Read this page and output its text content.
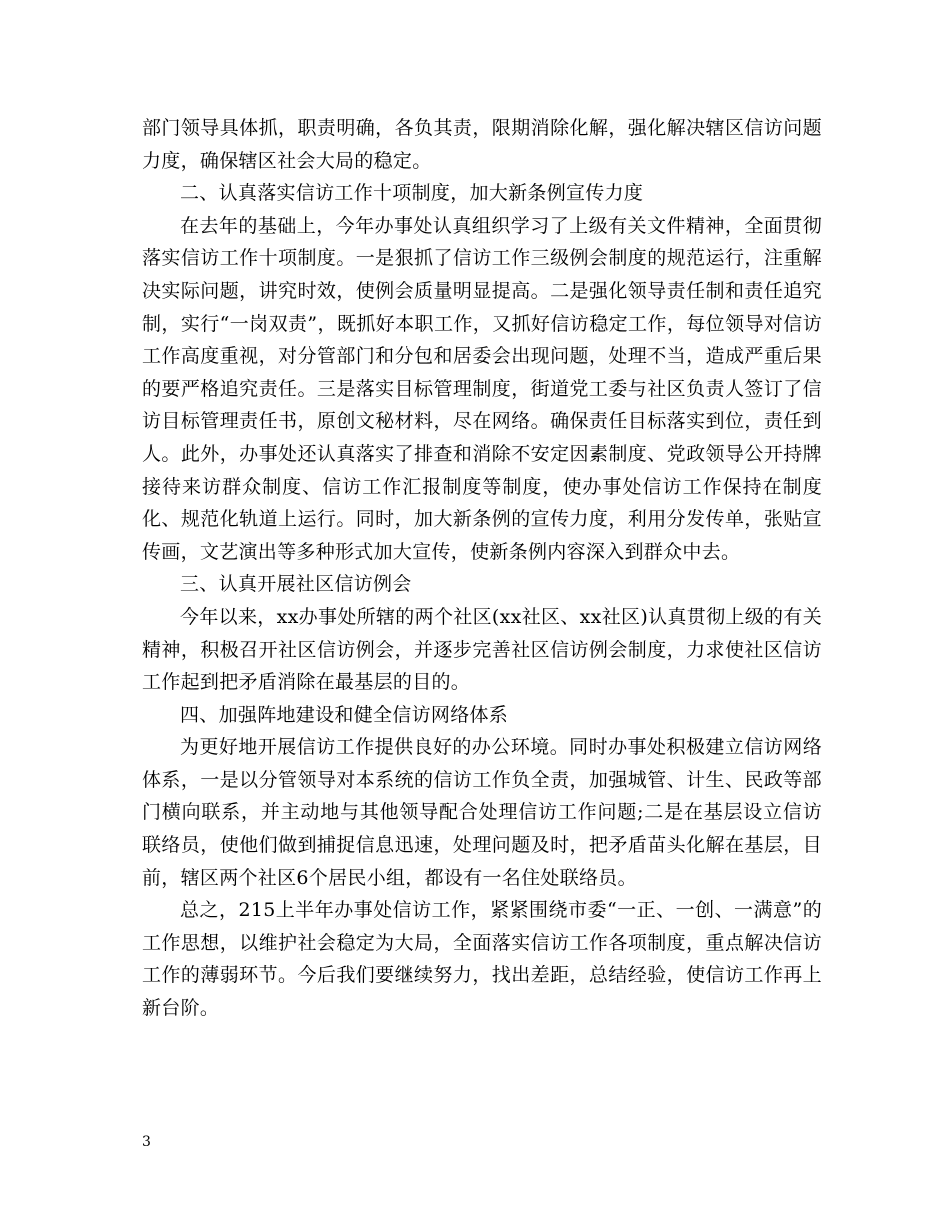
部门领导具体抓，职责明确，各负其责，限期消除化解，强化解决辖区信访问题力度，确保辖区社会大局的稳定。

二、认真落实信访工作十项制度，加大新条例宣传力度

在去年的基础上，今年办事处认真组织学习了上级有关文件精神，全面贯彻落实信访工作十项制度。一是狠抓了信访工作三级例会制度的规范运行，注重解决实际问题，讲究时效，使例会质量明显提高。二是强化领导责任制和责任追究制，实行“一岗双责”，既抓好本职工作，又抓好信访稳定工作，每位领导对信访工作高度重视，对分管部门和分包和居委会出现问题，处理不当，造成严重后果的要严格追究责任。三是落实目标管理制度，街道党工委与社区负责人签订了信访目标管理责任书，原创文秘材料，尽在网络。确保责任目标落实到位，责任到人。此外，办事处还认真落实了排查和消除不安定因素制度、党政领导公开持牌接待来访群众制度、信访工作汇报制度等制度，使办事处信访工作保持在制度化、规范化轨道上运行。同时，加大新条例的宣传力度，利用分发传单，张贴宣传画，文艺演出等多种形式加大宣传，使新条例内容深入到群众中去。

三、认真开展社区信访例会

今年以来，xx办事处所辖的两个社区(xx社区、xx社区)认真贯彻上级的有关精神，积极召开社区信访例会，并逐步完善社区信访例会制度，力求使社区信访工作起到把矛盾消除在最基层的目的。

四、加强阵地建设和健全信访网络体系

为更好地开展信访工作提供良好的办公环境。同时办事处积极建立信访网络体系，一是以分管领导对本系统的信访工作负全责，加强城管、计生、民政等部门横向联系，并主动地与其他领导配合处理信访工作问题;二是在基层设立信访联络员，使他们做到捕捉信息迅速，处理问题及时，把矛盾苗头化解在基层，目前，辖区两个社区6个居民小组，都设有一名住处联络员。

总之，215上半年办事处信访工作，紧紧围绕市委“一正、一创、一满意”的工作思想，以维护社会稳定为大局，全面落实信访工作各项制度，重点解决信访工作的薄弱环节。今后我们要继续努力，找出差距，总结经验，使信访工作再上新台阶。

3
